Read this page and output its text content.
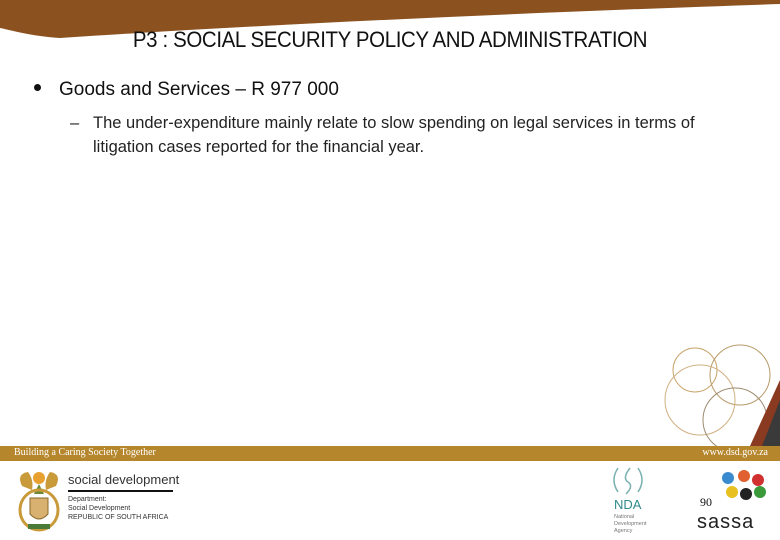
P3 : SOCIAL SECURITY POLICY AND ADMINISTRATION
Goods and Services – R 977 000
– The under-expenditure mainly relate to slow spending on legal services in terms of litigation cases reported for the financial year.
Building a Caring Society Together	www.dsd.gov.za
social development
Department:
Social Development
REPUBLIC OF SOUTH AFRICA
NDA
National Development Agency	sassa
90
